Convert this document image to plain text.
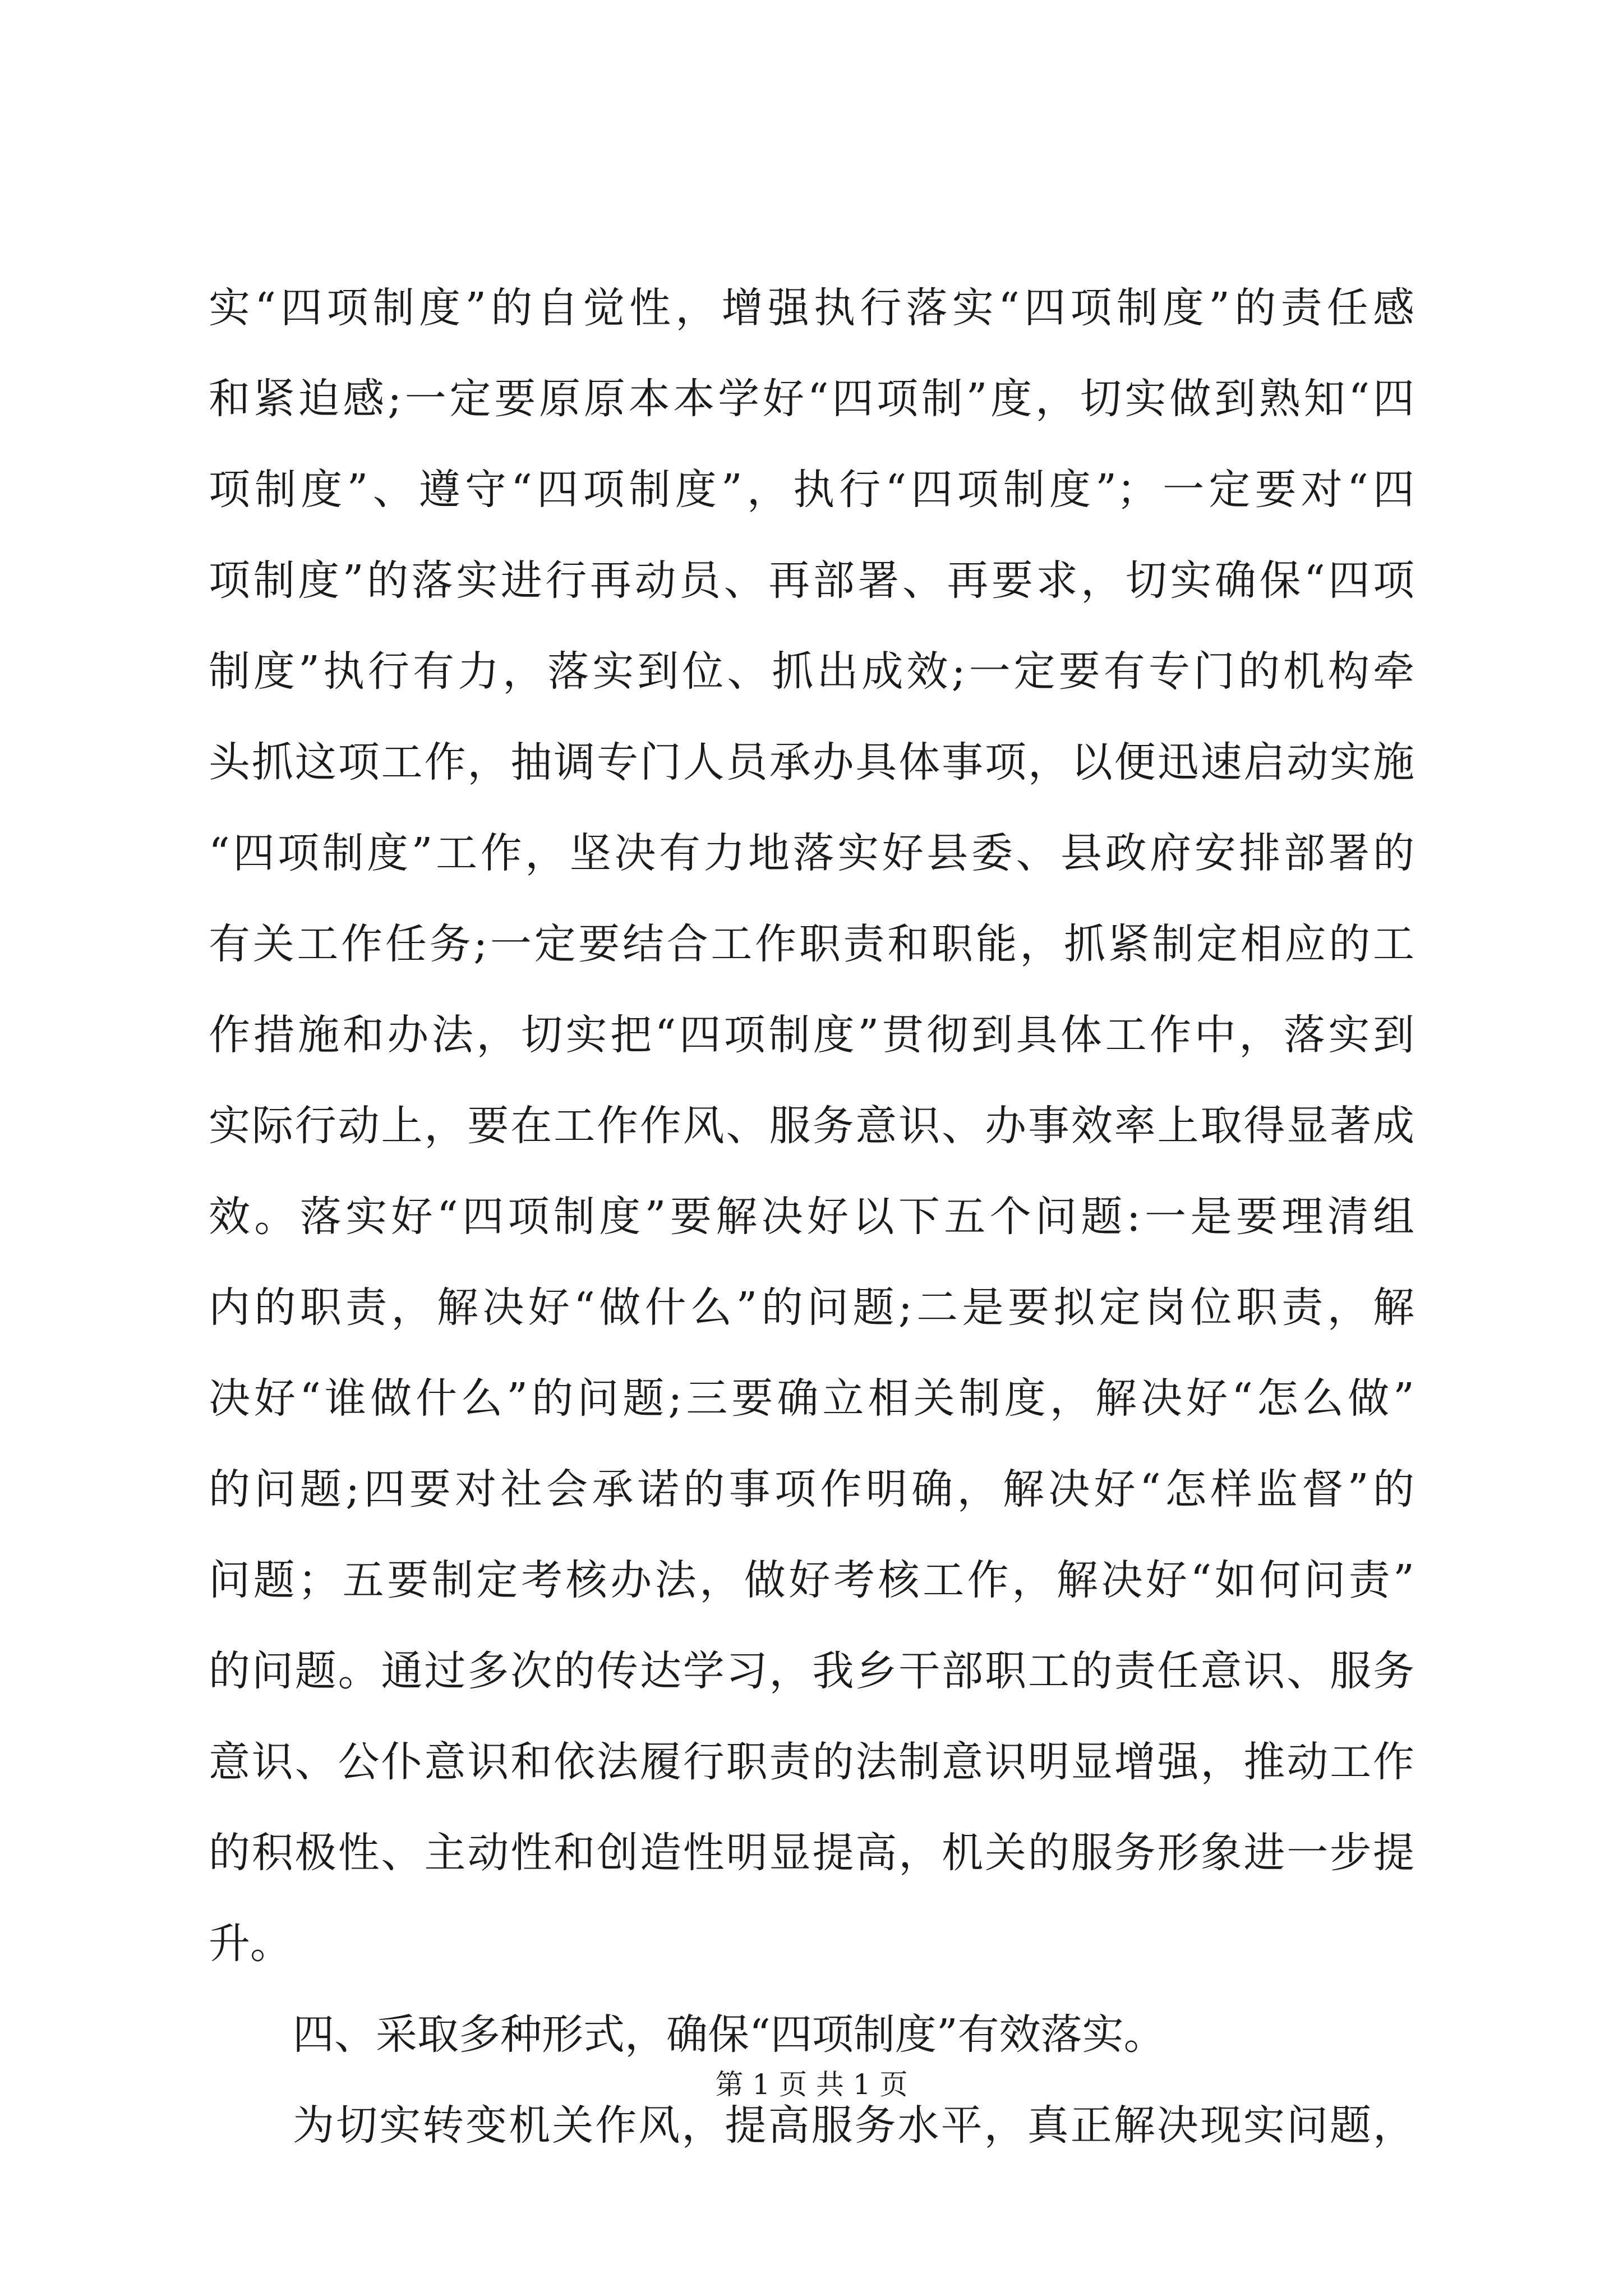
实“四项制度”的自觉性，增强执行落实“四项制度”的责任感
和紧迫感;一定要原原本本学好“四项制”度，切实做到熟知“四
项制度”、遵守“四项制度”，执行“四项制度”；一定要对“四
项制度”的落实进行再动员、再部署、再要求，切实确保“四项
制度”执行有力，落实到位、抓出成效;一定要有专门的机构牵
头抓这项工作，抽调专门人员承办具体事项，以便迅速启动实施
“四项制度”工作，坚决有力地落实好县委、县政府安排部署的
有关工作任务;一定要结合工作职责和职能，抓紧制定相应的工
作措施和办法，切实把“四项制度”贯彻到具体工作中，落实到
实际行动上，要在工作作风、服务意识、办事效率上取得显著成
效。落实好“四项制度”要解决好以下五个问题:一是要理清组
内的职责，解决好“做什么”的问题;二是要拟定岗位职责，解
决好“谁做什么”的问题;三要确立相关制度，解决好“怎么做”
的问题;四要对社会承诺的事项作明确，解决好“怎样监督”的
问题；五要制定考核办法，做好考核工作，解决好“如何问责”
的问题。通过多次的传达学习，我乡干部职工的责任意识、服务
意识、公仆意识和依法履行职责的法制意识明显增强，推动工作
的积极性、主动性和创造性明显提高，机关的服务形象进一步提
升。
四、采取多种形式，确保“四项制度”有效落实。
为切实转变机关作风，提高服务水平，真正解决现实问题，
第 1 页 共 1 页
